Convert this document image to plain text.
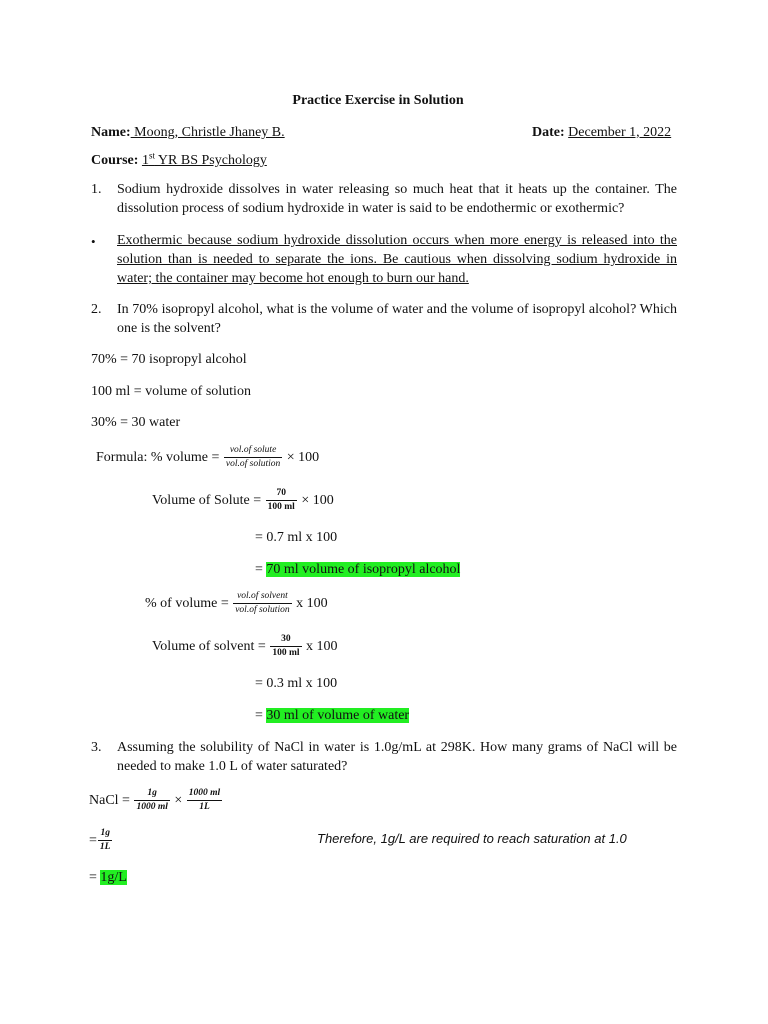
Practice Exercise in Solution
Name: Moong, Christle Jhaney B.	Date: December 1, 2022
Course: 1st YR BS Psychology
1. Sodium hydroxide dissolves in water releasing so much heat that it heats up the container. The dissolution process of sodium hydroxide in water is said to be endothermic or exothermic?
• Exothermic because sodium hydroxide dissolution occurs when more energy is released into the solution than is needed to separate the ions. Be cautious when dissolving sodium hydroxide in water; the container may become hot enough to burn our hand.
2. In 70% isopropyl alcohol, what is the volume of water and the volume of isopropyl alcohol? Which one is the solvent?
70% = 70 isopropyl alcohol
100 ml = volume of solution
30% = 30 water
Formula: % volume = $\frac{\text{vol.of solute}}{\text{vol.of solution}} \times 100$
Volume of Solute = $\frac{70}{100 ml} \times 100$
= 0.7 ml x 100
= 70 ml volume of isopropyl alcohol
% of volume = $\frac{\text{vol.of solvent}}{\text{vol.of solution}}$ x 100
Volume of solvent = $\frac{30}{100 ml}$ x 100
= 0.3 ml x 100
= 30 ml of volume of water
3. Assuming the solubility of NaCl in water is 1.0g/mL at 298K. How many grams of NaCl will be needed to make 1.0 L of water saturated?
NaCl = $\frac{1g}{1000 ml} \times \frac{1000 ml}{1L}$
= $\frac{1g}{1L}$	Therefore, 1g/L are required to reach saturation at 1.0
= 1g/L
